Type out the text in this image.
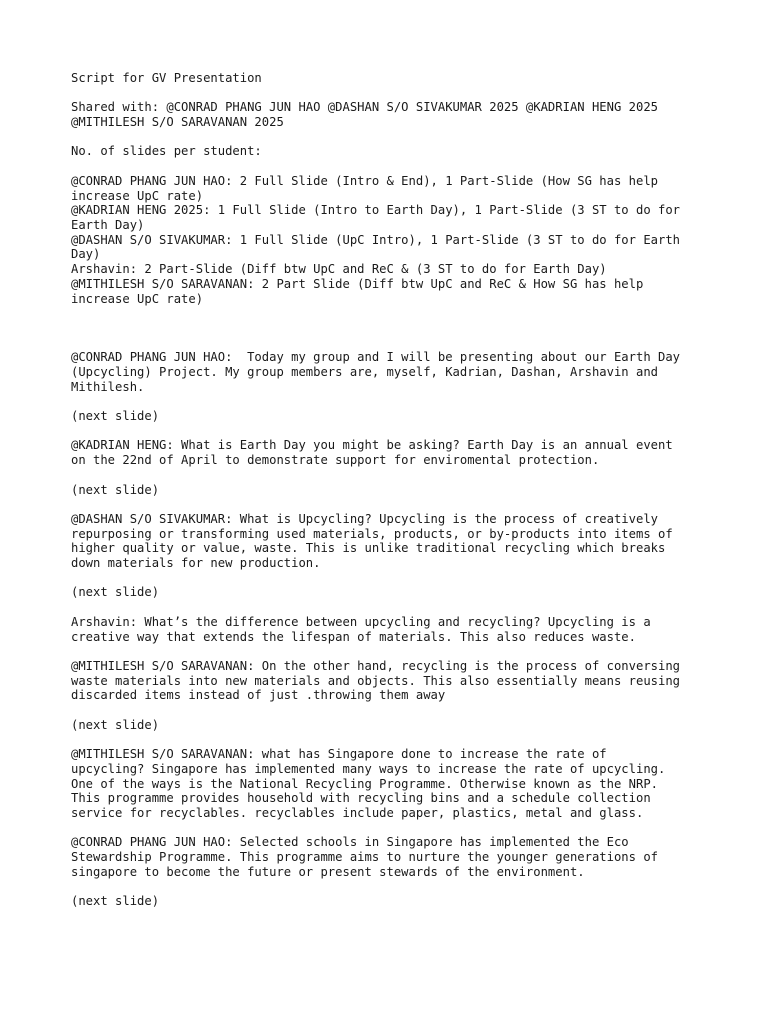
Script for GV Presentation
Shared with: @CONRAD PHANG JUN HAO @DASHAN S/O SIVAKUMAR 2025 @KADRIAN HENG 2025
@MITHILESH S/O SARAVANAN 2025
No. of slides per student:
@CONRAD PHANG JUN HAO: 2 Full Slide (Intro & End), 1 Part-Slide (How SG has help
increase UpC rate)
@KADRIAN HENG 2025: 1 Full Slide (Intro to Earth Day), 1 Part-Slide (3 ST to do for
Earth Day)
@DASHAN S/O SIVAKUMAR: 1 Full Slide (UpC Intro), 1 Part-Slide (3 ST to do for Earth
Day)
Arshavin: 2 Part-Slide (Diff btw UpC and ReC & (3 ST to do for Earth Day)
@MITHILESH S/O SARAVANAN: 2 Part Slide (Diff btw UpC and ReC & How SG has help
increase UpC rate)
@CONRAD PHANG JUN HAO:  Today my group and I will be presenting about our Earth Day
(Upcycling) Project. My group members are, myself, Kadrian, Dashan, Arshavin and
Mithilesh.
(next slide)
@KADRIAN HENG: What is Earth Day you might be asking? Earth Day is an annual event
on the 22nd of April to demonstrate support for enviromental protection.
(next slide)
@DASHAN S/O SIVAKUMAR: What is Upcycling? Upcycling is the process of creatively
repurposing or transforming used materials, products, or by-products into items of
higher quality or value, waste. This is unlike traditional recycling which breaks
down materials for new production.
(next slide)
Arshavin: What’s the difference between upcycling and recycling? Upcycling is a
creative way that extends the lifespan of materials. This also reduces waste.
@MITHILESH S/O SARAVANAN: On the other hand, recycling is the process of conversing
waste materials into new materials and objects. This also essentially means reusing
discarded items instead of just .throwing them away
(next slide)
@MITHILESH S/O SARAVANAN: what has Singapore done to increase the rate of
upcycling? Singapore has implemented many ways to increase the rate of upcycling.
One of the ways is the National Recycling Programme. Otherwise known as the NRP.
This programme provides household with recycling bins and a schedule collection
service for recyclables. recyclables include paper, plastics, metal and glass.
@CONRAD PHANG JUN HAO: Selected schools in Singapore has implemented the Eco
Stewardship Programme. This programme aims to nurture the younger generations of
singapore to become the future or present stewards of the environment.
(next slide)
